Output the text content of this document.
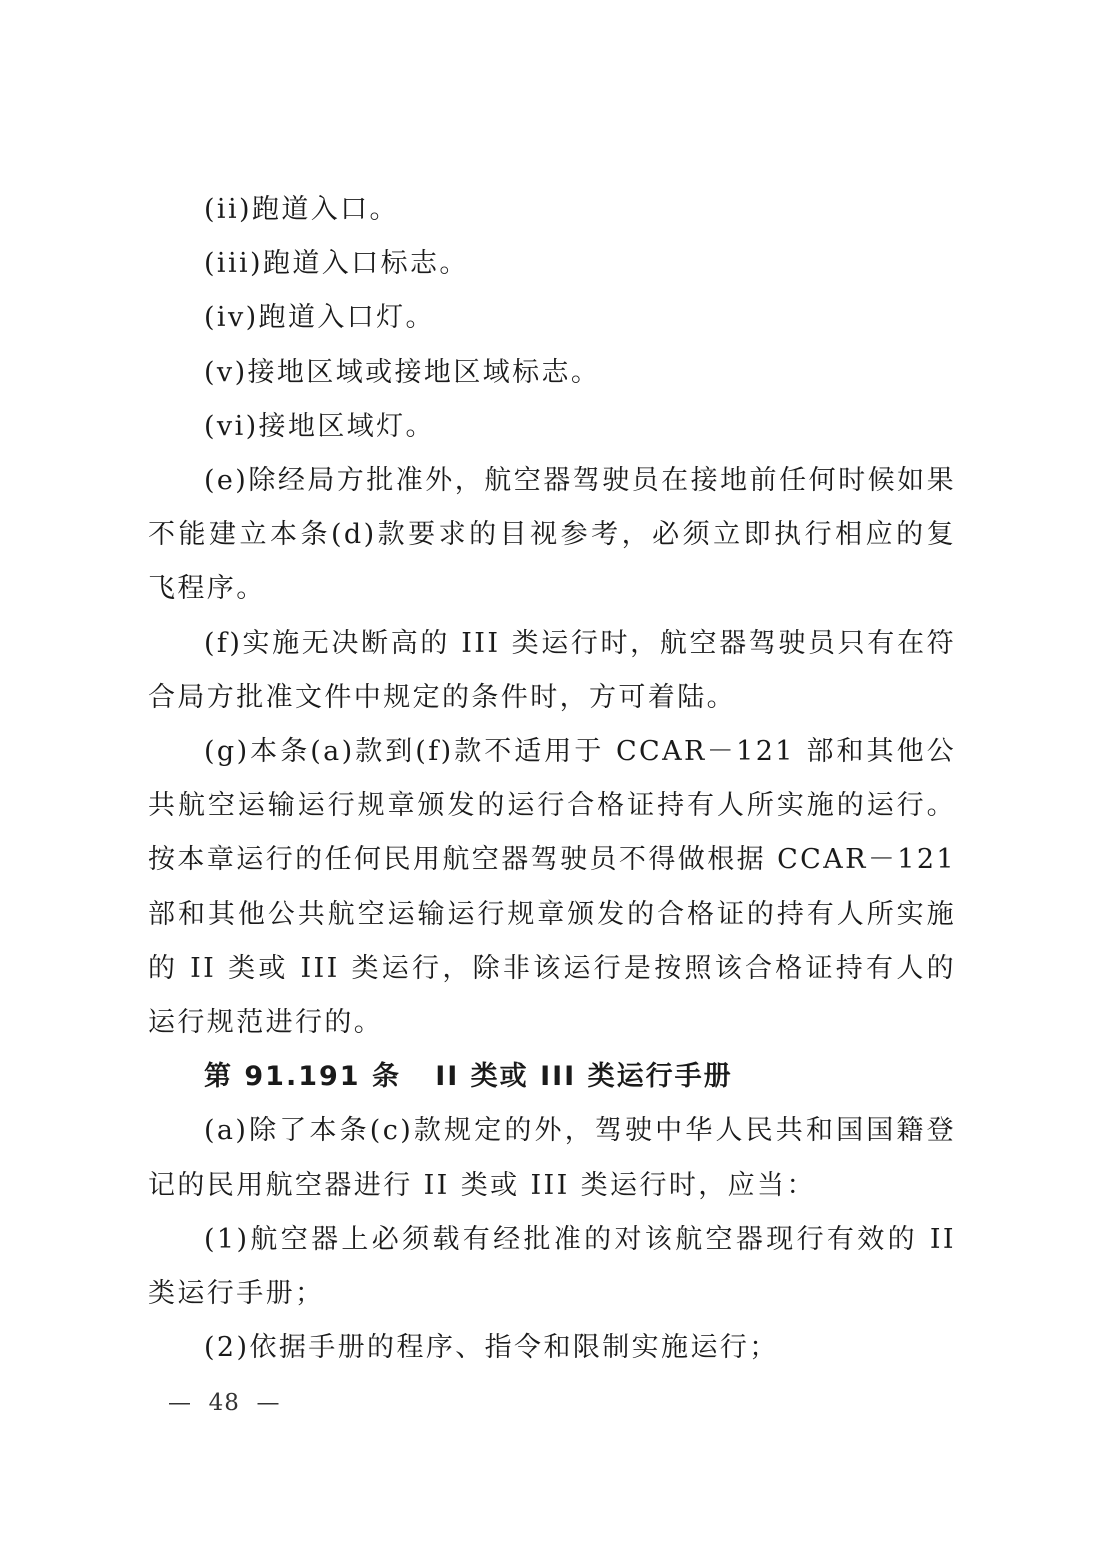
(ii)跑道入口。

(iii)跑道入口标志。

(iv)跑道入口灯。

(v)接地区域或接地区域标志。

(vi)接地区域灯。

(e)除经局方批准外，航空器驾驶员在接地前任何时候如果不能建立本条(d)款要求的目视参考，必须立即执行相应的复飞程序。

(f)实施无决断高的 III 类运行时，航空器驾驶员只有在符合局方批准文件中规定的条件时，方可着陆。

(g)本条(a)款到(f)款不适用于 CCAR－121 部和其他公共航空运输运行规章颁发的运行合格证持有人所实施的运行。按本章运行的任何民用航空器驾驶员不得做根据 CCAR－121 部和其他公共航空运输运行规章颁发的合格证的持有人所实施的 II 类或 III 类运行，除非该运行是按照该合格证持有人的运行规范进行的。

第 91.191 条   II 类或 III 类运行手册

(a)除了本条(c)款规定的外，驾驶中华人民共和国国籍登记的民用航空器进行 II 类或 III 类运行时，应当：

(1)航空器上必须载有经批准的对该航空器现行有效的 II 类运行手册；

(2)依据手册的程序、指令和限制实施运行；

—  48  —
